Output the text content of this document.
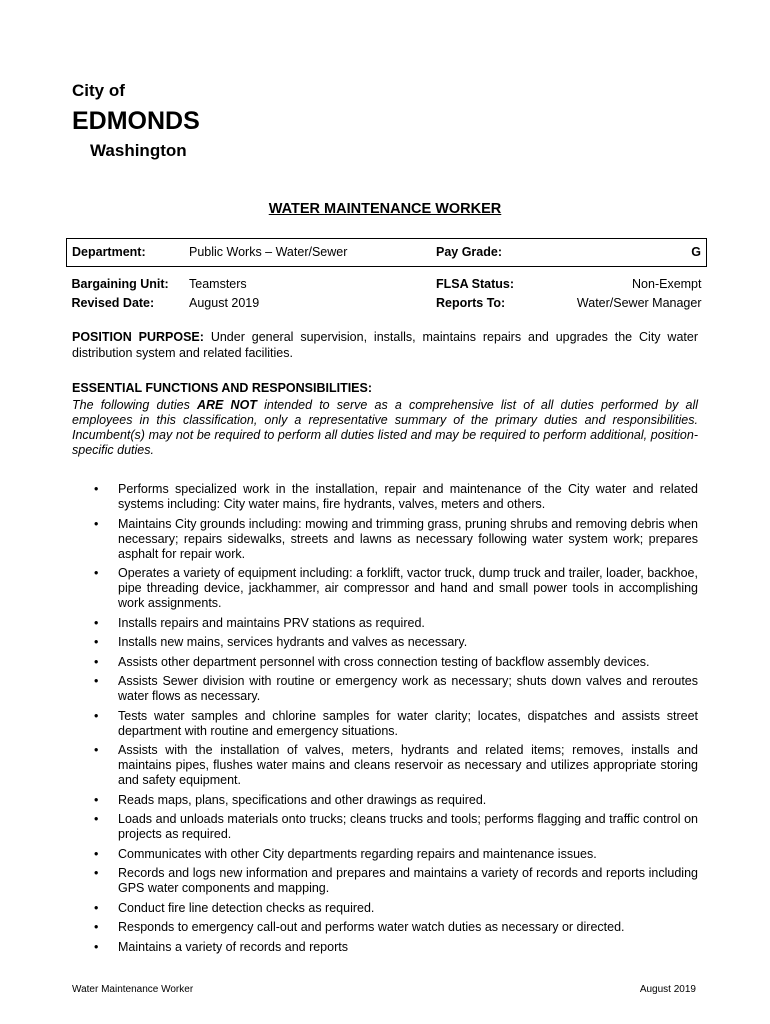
City of
EDMONDS
Washington
WATER MAINTENANCE WORKER
Department:	Public Works – Water/Sewer	Pay Grade:	G

Bargaining Unit:	Teamsters	FLSA Status:	Non-Exempt
Revised Date:	August 2019	Reports To:	Water/Sewer Manager
POSITION PURPOSE: Under general supervision, installs, maintains repairs and upgrades the City water distribution system and related facilities.
ESSENTIAL FUNCTIONS AND RESPONSIBILITIES:
The following duties ARE NOT intended to serve as a comprehensive list of all duties performed by all employees in this classification, only a representative summary of the primary duties and responsibilities. Incumbent(s) may not be required to perform all duties listed and may be required to perform additional, position-specific duties.
• Performs specialized work in the installation, repair and maintenance of the City water and related systems including: City water mains, fire hydrants, valves, meters and others.
• Maintains City grounds including: mowing and trimming grass, pruning shrubs and removing debris when necessary; repairs sidewalks, streets and lawns as necessary following water system work; prepares asphalt for repair work.
• Operates a variety of equipment including: a forklift, vactor truck, dump truck and trailer, loader, backhoe, pipe threading device, jackhammer, air compressor and hand and small power tools in accomplishing work assignments.
• Installs repairs and maintains PRV stations as required.
• Installs new mains, services hydrants and valves as necessary.
• Assists other department personnel with cross connection testing of backflow assembly devices.
• Assists Sewer division with routine or emergency work as necessary; shuts down valves and reroutes water flows as necessary.
• Tests water samples and chlorine samples for water clarity; locates, dispatches and assists street department with routine and emergency situations.
• Assists with the installation of valves, meters, hydrants and related items; removes, installs and maintains pipes, flushes water mains and cleans reservoir as necessary and utilizes appropriate storing and safety equipment.
• Reads maps, plans, specifications and other drawings as required.
• Loads and unloads materials onto trucks; cleans trucks and tools; performs flagging and traffic control on projects as required.
• Communicates with other City departments regarding repairs and maintenance issues.
• Records and logs new information and prepares and maintains a variety of records and reports including GPS water components and mapping.
• Conduct fire line detection checks as required.
• Responds to emergency call-out and performs water watch duties as necessary or directed.
• Maintains a variety of records and reports
Water Maintenance Worker	August 2019
